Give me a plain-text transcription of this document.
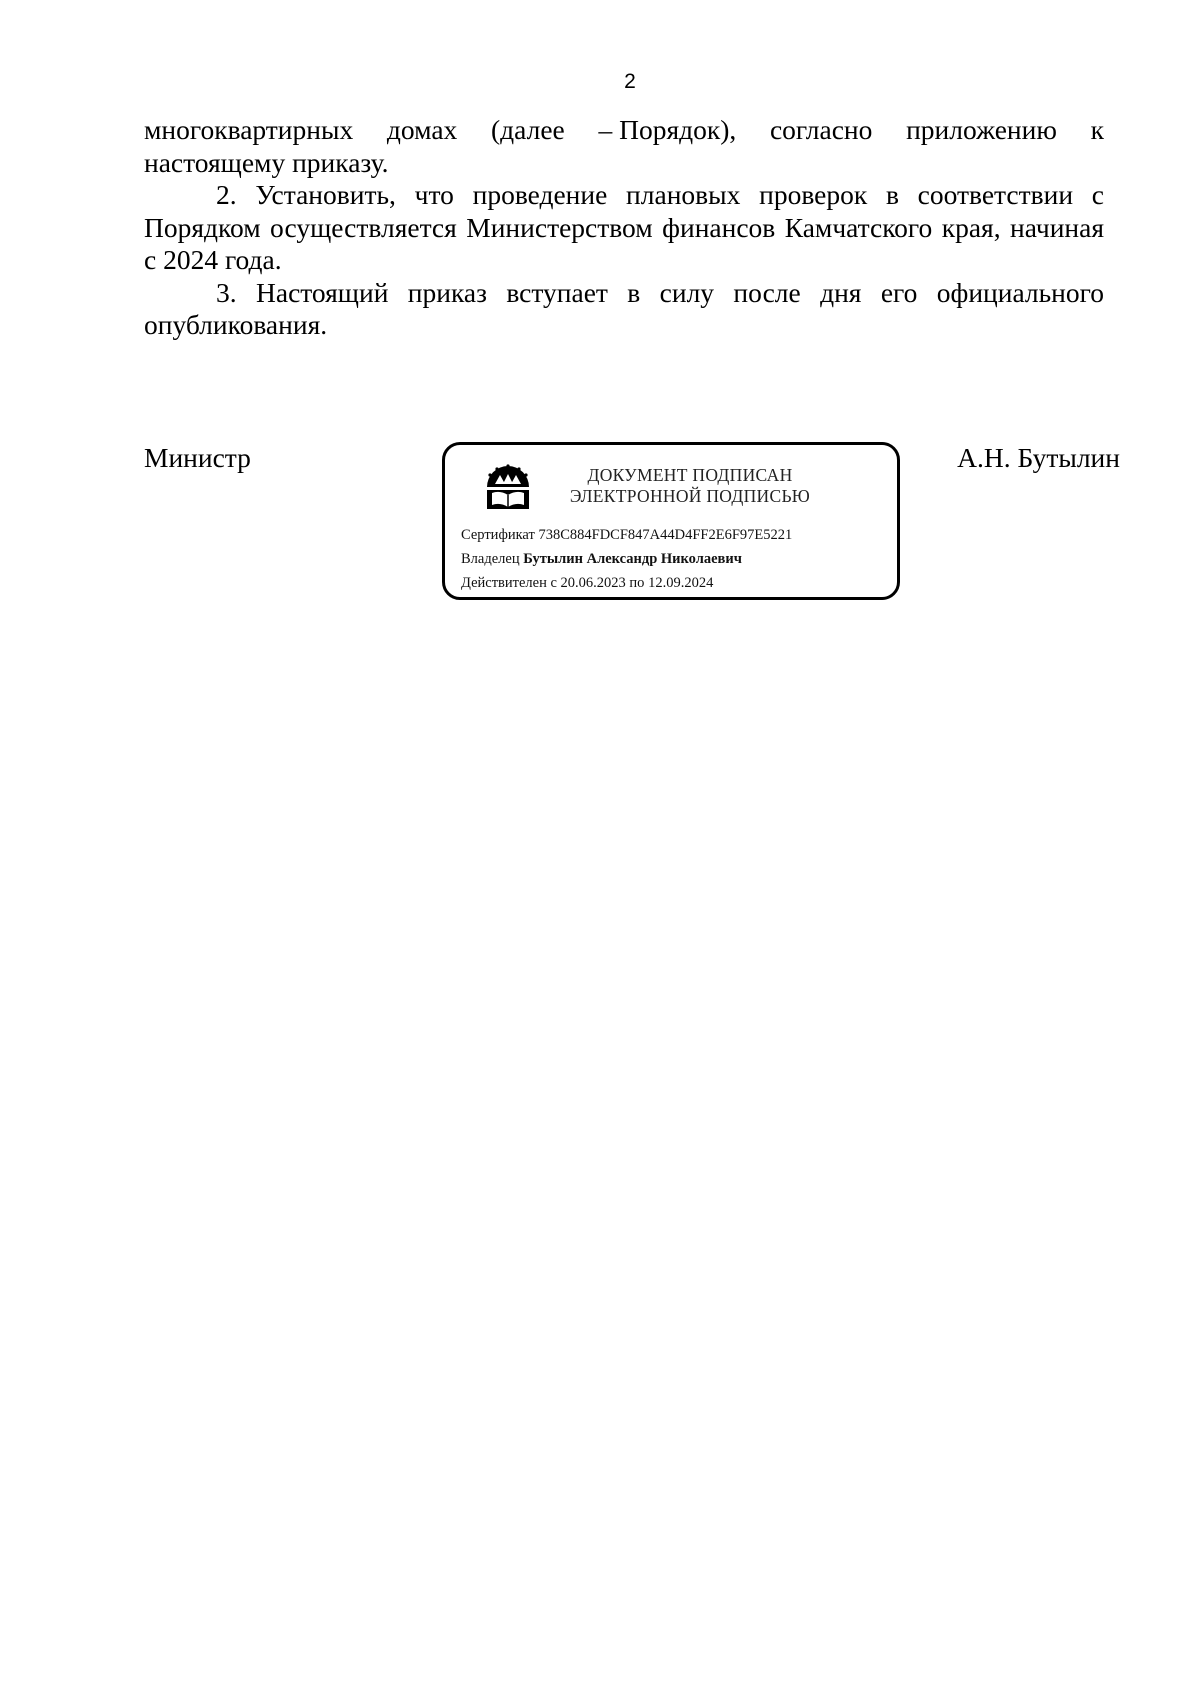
2
многоквартирных домах (далее – Порядок), согласно приложению к

настоящему приказу.

2. Установить, что проведение плановых проверок в соответствии с Порядком осуществляется Министерством финансов Камчатского края, начиная с 2024 года.

3. Настоящий приказ вступает в силу после дня его официального опубликования.

Министр	А.Н. Бутылин
ДОКУМЕНТ ПОДПИСАН
ЭЛЕКТРОННОЙ ПОДПИСЬЮ
Сертификат 738C884FDCF847A44D4FF2E6F97E5221
Владелец Бутылин Александр Николаевич
Действителен с 20.06.2023 по 12.09.2024
